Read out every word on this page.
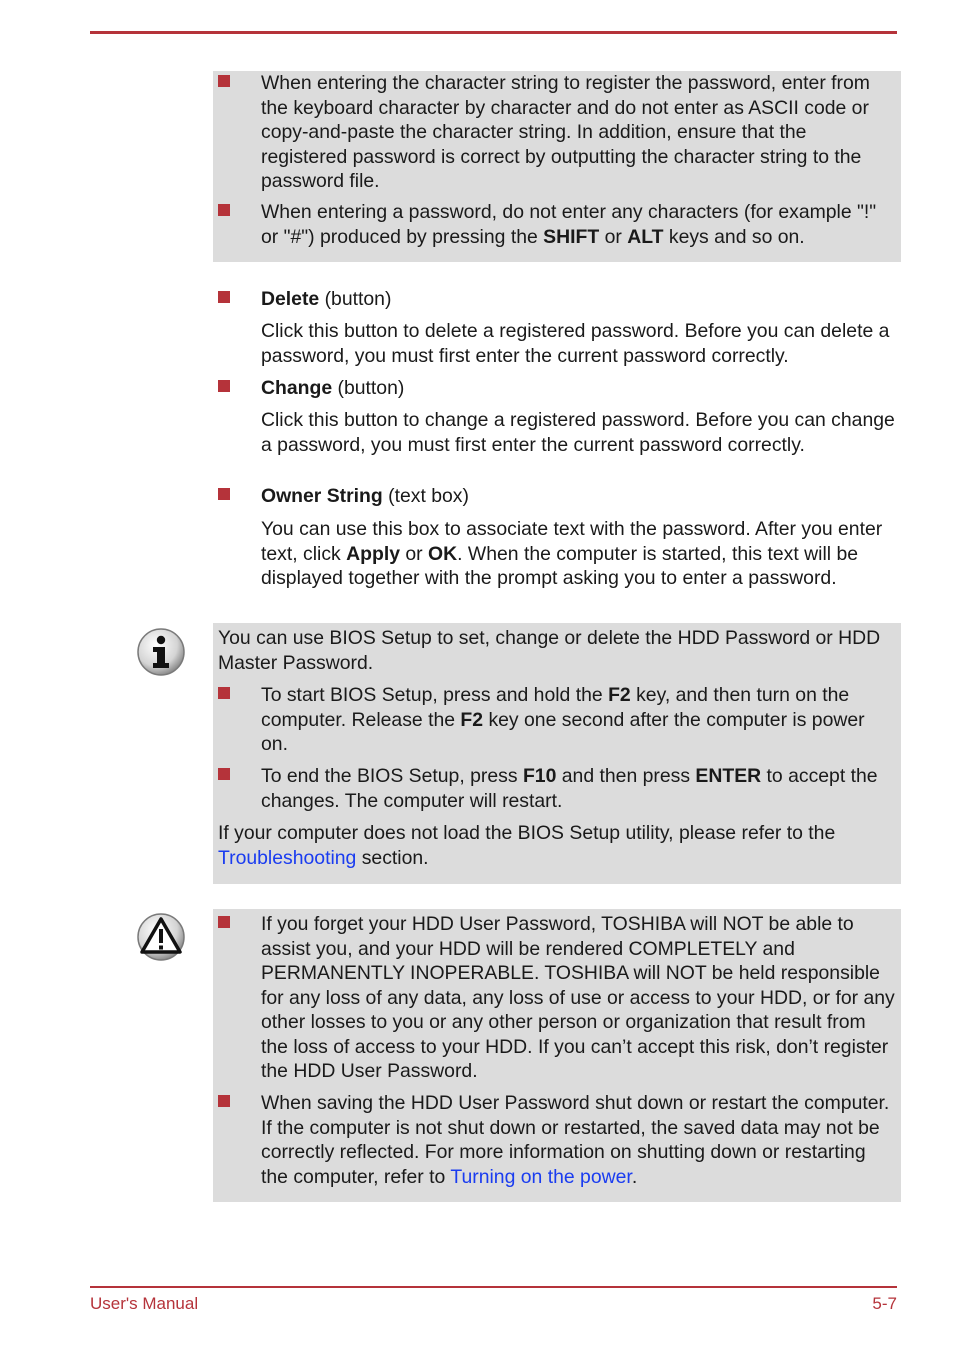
When entering the character string to register the password, enter from the keyboard character by character and do not enter as ASCII code or copy-and-paste the character string. In addition, ensure that the registered password is correct by outputting the character string to the password file.
When entering a password, do not enter any characters (for example "!" or "#") produced by pressing the SHIFT or ALT keys and so on.
Delete (button)
Click this button to delete a registered password. Before you can delete a password, you must first enter the current password correctly.
Change (button)
Click this button to change a registered password. Before you can change a password, you must first enter the current password correctly.
Owner String (text box)
You can use this box to associate text with the password. After you enter text, click Apply or OK. When the computer is started, this text will be displayed together with the prompt asking you to enter a password.
You can use BIOS Setup to set, change or delete the HDD Password or HDD Master Password.
To start BIOS Setup, press and hold the F2 key, and then turn on the computer. Release the F2 key one second after the computer is power on.
To end the BIOS Setup, press F10 and then press ENTER to accept the changes. The computer will restart.
If your computer does not load the BIOS Setup utility, please refer to the Troubleshooting section.
If you forget your HDD User Password, TOSHIBA will NOT be able to assist you, and your HDD will be rendered COMPLETELY and PERMANENTLY INOPERABLE. TOSHIBA will NOT be held responsible for any loss of any data, any loss of use or access to your HDD, or for any other losses to you or any other person or organization that result from the loss of access to your HDD. If you can’t accept this risk, don’t register the HDD User Password.
When saving the HDD User Password shut down or restart the computer. If the computer is not shut down or restarted, the saved data may not be correctly reflected. For more information on shutting down or restarting the computer, refer to Turning on the power.
User's Manual	5-7
